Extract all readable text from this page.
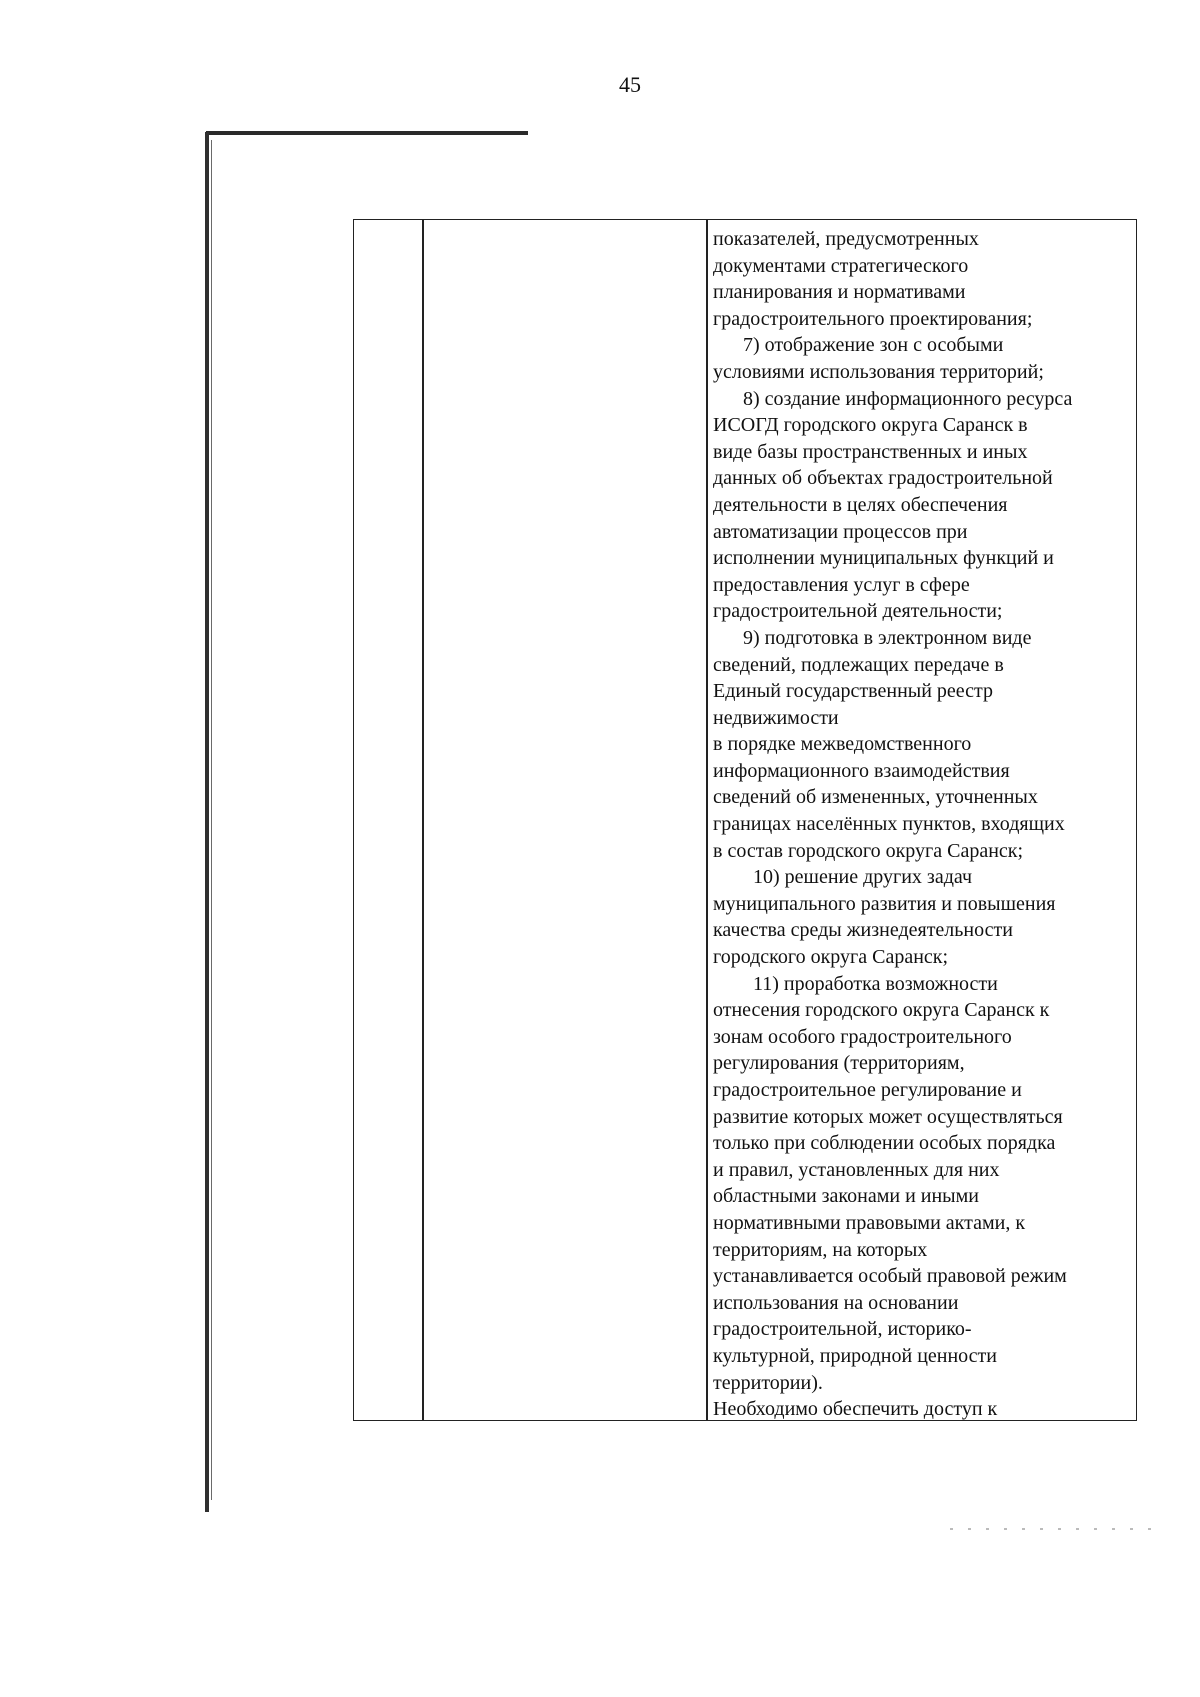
45
показателей, предусмотренных
документами стратегического
планирования и нормативами
градостроительного проектирования;
7) отображение зон с особыми
условиями использования территорий;
8) создание информационного ресурса
ИСОГД городского округа Саранск в
виде базы пространственных и иных
данных об объектах градостроительной
деятельности в целях обеспечения
автоматизации процессов при
исполнении муниципальных функций и
предоставления услуг в сфере
градостроительной деятельности;
9) подготовка в электронном виде
сведений, подлежащих передаче в
Единый государственный реестр
недвижимости
в порядке межведомственного
информационного взаимодействия
сведений об измененных, уточненных
границах населённых пунктов, входящих
в состав городского округа Саранск;
10) решение других задач
муниципального развития и повышения
качества среды жизнедеятельности
городского округа Саранск;
11) проработка возможности
отнесения городского округа Саранск к
зонам особого градостроительного
регулирования (территориям,
градостроительное регулирование и
развитие которых может осуществляться
только при соблюдении особых порядка
и правил, установленных для них
областными законами и иными
нормативными правовыми актами, к
территориям, на которых
устанавливается особый правовой режим
использования на основании
градостроительной, историко-
культурной, природной ценности
территории).
Необходимо обеспечить доступ к
